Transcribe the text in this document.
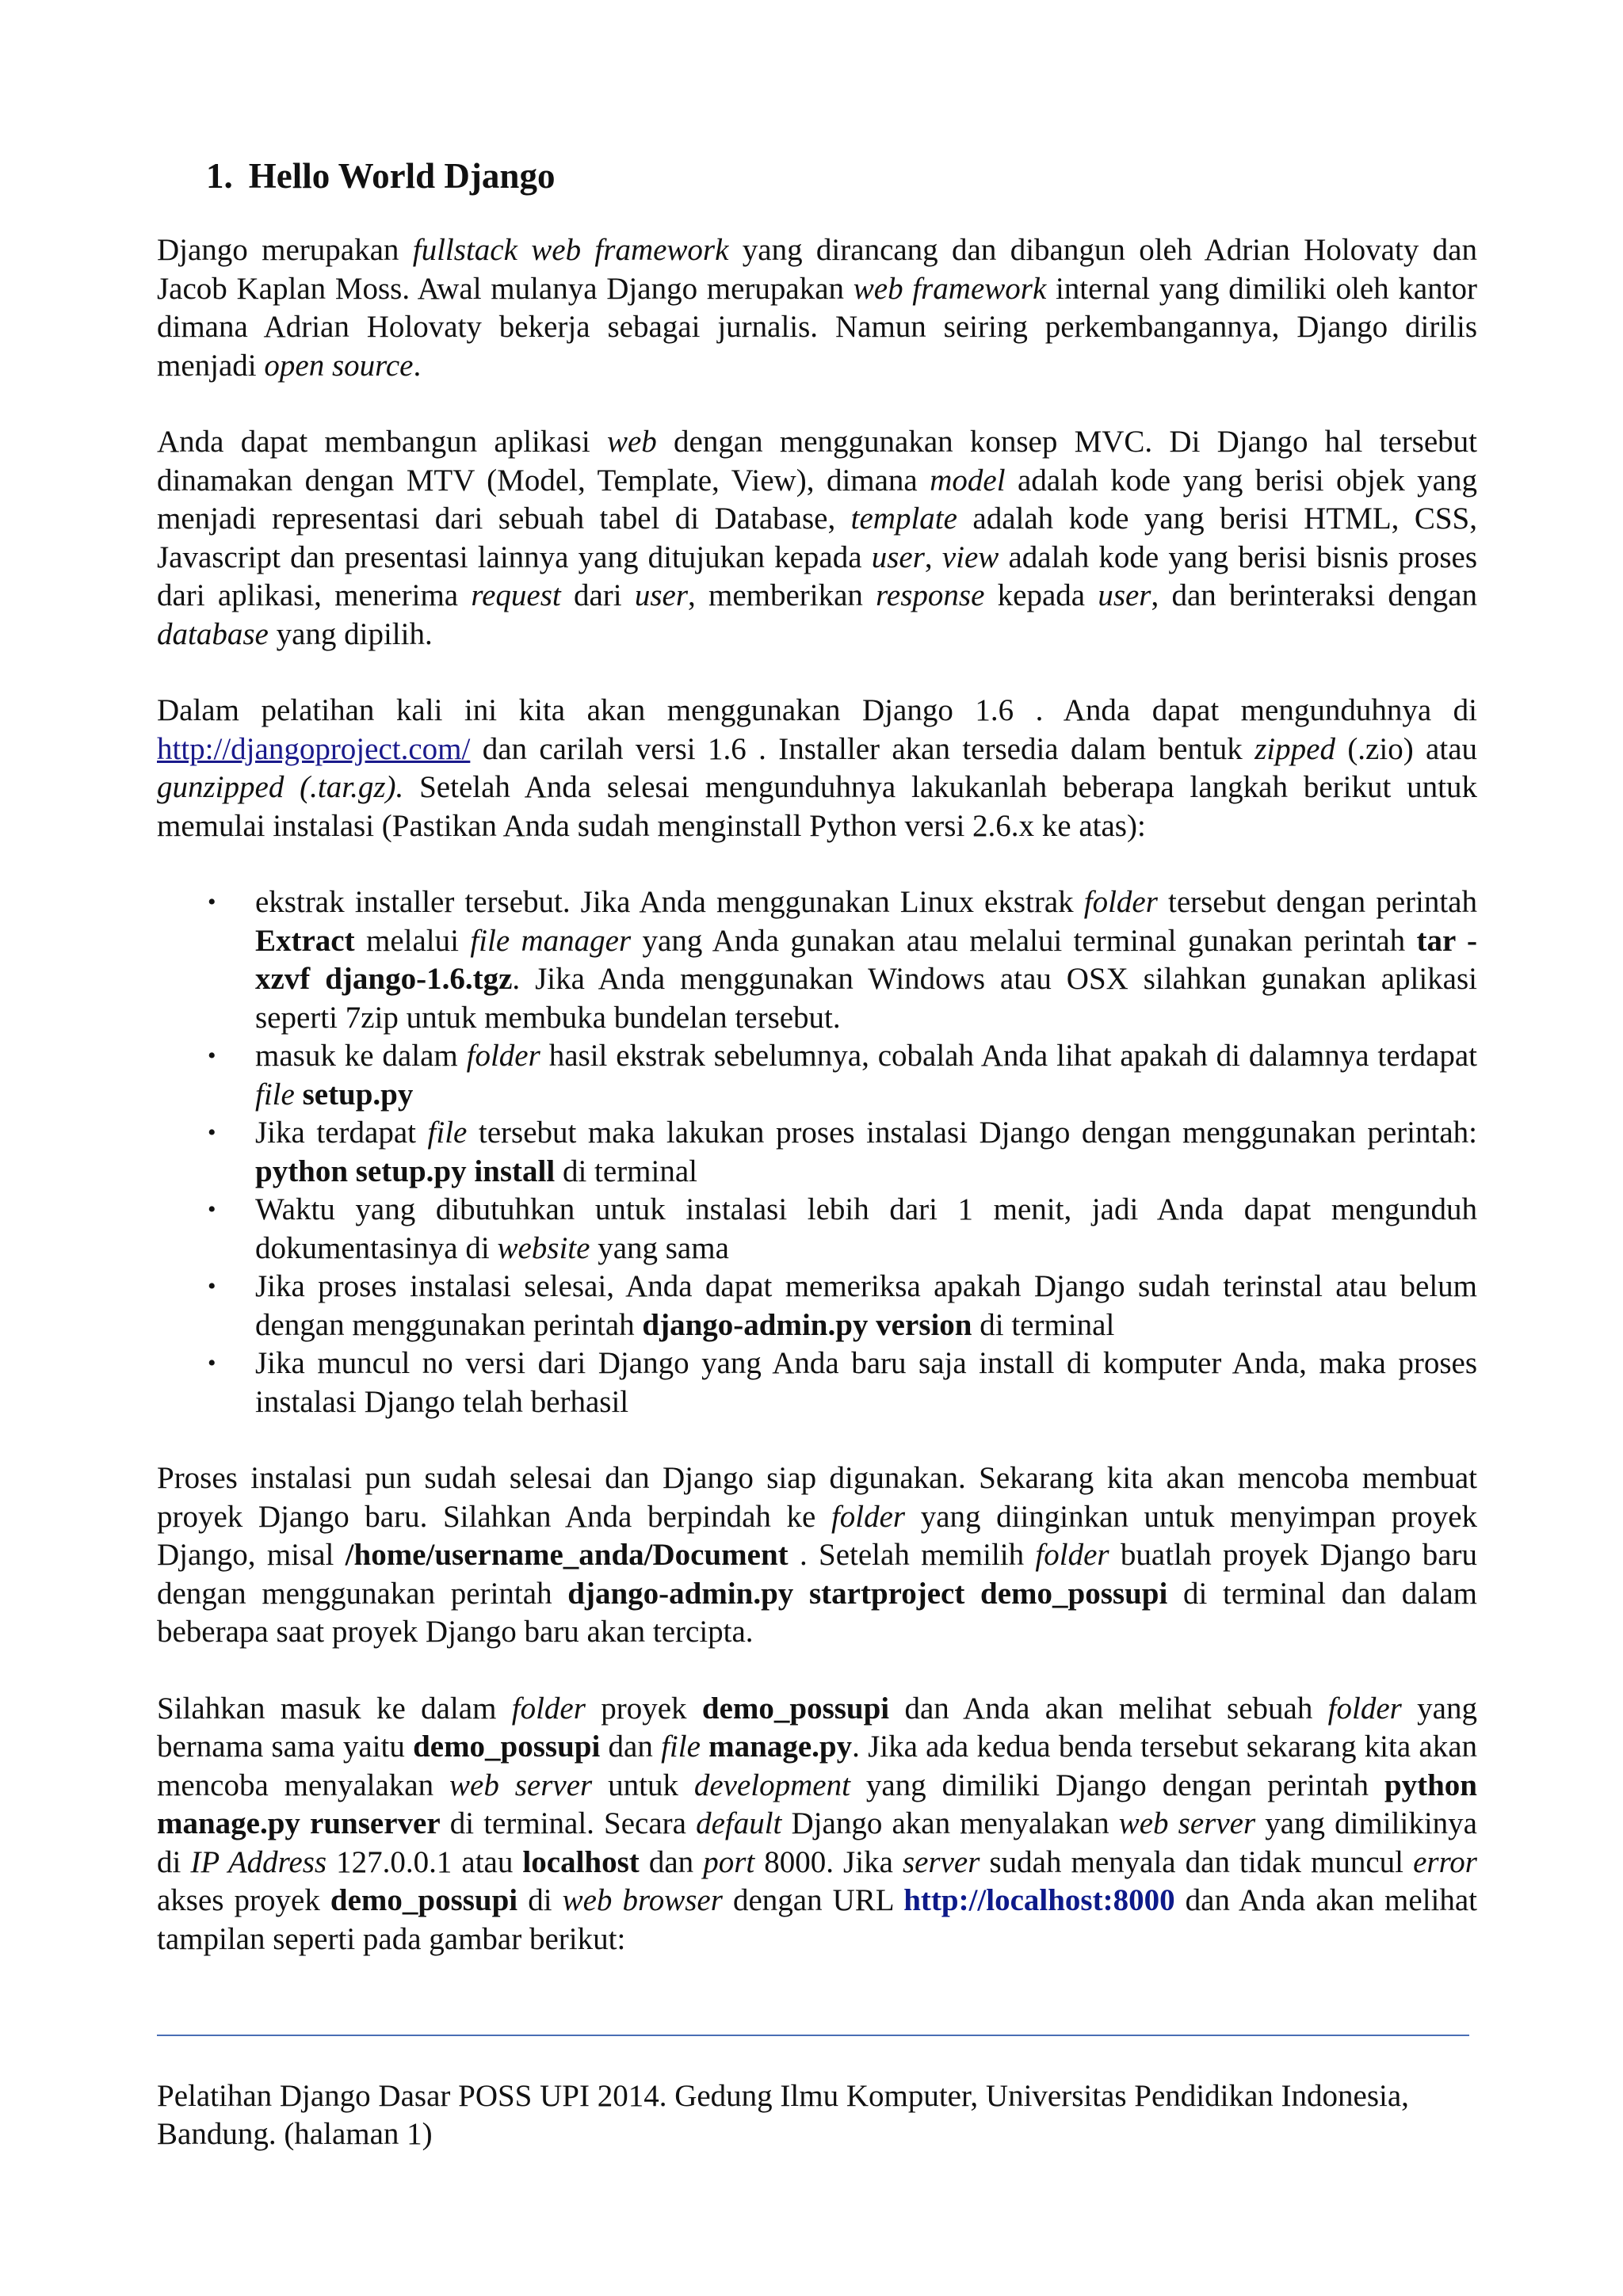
1. Hello World Django

Django merupakan fullstack web framework yang dirancang dan dibangun oleh Adrian Holovaty dan Jacob Kaplan Moss. Awal mulanya Django merupakan web framework internal yang dimiliki oleh kantor dimana Adrian Holovaty bekerja sebagai jurnalis. Namun seiring perkembangannya, Django dirilis menjadi open source.

Anda dapat membangun aplikasi web dengan menggunakan konsep MVC. Di Django hal tersebut dinamakan dengan MTV (Model, Template, View), dimana model adalah kode yang berisi objek yang menjadi representasi dari sebuah tabel di Database, template adalah kode yang berisi HTML, CSS, Javascript dan presentasi lainnya yang ditujukan kepada user, view adalah kode yang berisi bisnis proses dari aplikasi, menerima request dari user, memberikan response kepada user, dan berinteraksi dengan database yang dipilih.

Dalam pelatihan kali ini kita akan menggunakan Django 1.6 . Anda dapat mengunduhnya di http://djangoproject.com/ dan carilah versi 1.6 . Installer akan tersedia dalam bentuk zipped (.zio) atau gunzipped (.tar.gz). Setelah Anda selesai mengunduhnya lakukanlah beberapa langkah berikut untuk memulai instalasi (Pastikan Anda sudah menginstall Python versi 2.6.x ke atas):

• ekstrak installer tersebut. Jika Anda menggunakan Linux ekstrak folder tersebut dengan perintah Extract melalui file manager yang Anda gunakan atau melalui terminal gunakan perintah tar -xzvf django-1.6.tgz. Jika Anda menggunakan Windows atau OSX silahkan gunakan aplikasi seperti 7zip untuk membuka bundelan tersebut.
• masuk ke dalam folder hasil ekstrak sebelumnya, cobalah Anda lihat apakah di dalamnya terdapat file setup.py
• Jika terdapat file tersebut maka lakukan proses instalasi Django dengan menggunakan perintah: python setup.py install di terminal
• Waktu yang dibutuhkan untuk instalasi lebih dari 1 menit, jadi Anda dapat mengunduh dokumentasinya di website yang sama
• Jika proses instalasi selesai, Anda dapat memeriksa apakah Django sudah terinstal atau belum dengan menggunakan perintah django-admin.py version di terminal
• Jika muncul no versi dari Django yang Anda baru saja install di komputer Anda, maka proses instalasi Django telah berhasil

Proses instalasi pun sudah selesai dan Django siap digunakan. Sekarang kita akan mencoba membuat proyek Django baru. Silahkan Anda berpindah ke folder yang diinginkan untuk menyimpan proyek Django, misal /home/username_anda/Document . Setelah memilih folder buatlah proyek Django baru dengan menggunakan perintah django-admin.py startproject demo_possupi di terminal dan dalam beberapa saat proyek Django baru akan tercipta.

Silahkan masuk ke dalam folder proyek demo_possupi dan Anda akan melihat sebuah folder yang bernama sama yaitu demo_possupi dan file manage.py. Jika ada kedua benda tersebut sekarang kita akan mencoba menyalakan web server untuk development yang dimiliki Django dengan perintah python manage.py runserver di terminal. Secara default Django akan menyalakan web server yang dimilikinya di IP Address 127.0.0.1 atau localhost dan port 8000. Jika server sudah menyala dan tidak muncul error akses proyek demo_possupi di web browser dengan URL http://localhost:8000 dan Anda akan melihat tampilan seperti pada gambar berikut:

Pelatihan Django Dasar POSS UPI 2014. Gedung Ilmu Komputer, Universitas Pendidikan Indonesia, Bandung. (halaman 1)
